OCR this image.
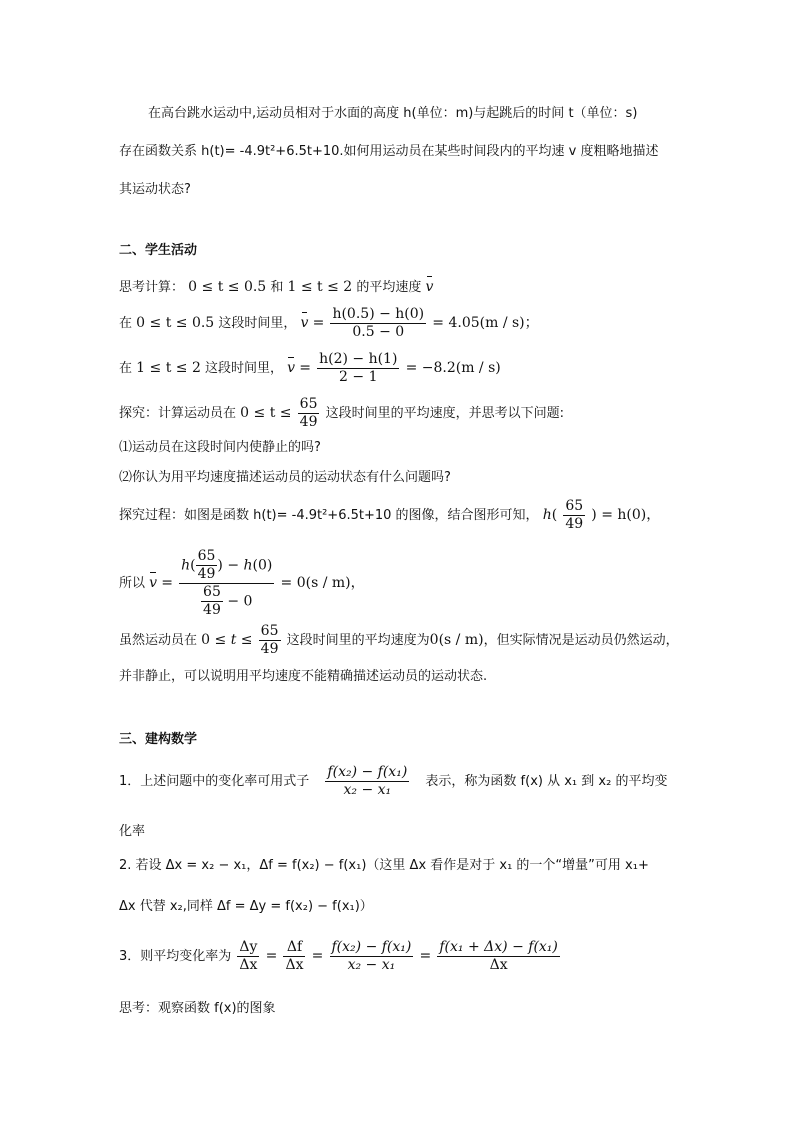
在高台跳水运动中,运动员相对于水面的高度 h(单位：m)与起跳后的时间 t（单位：s)
存在函数关系 h(t)= -4.9t²+6.5t+10.如何用运动员在某些时间段内的平均速 v 度粗略地描述
其运动状态?
二、学生活动
思考计算： 0 ≤ t ≤ 0.5 和 1 ≤ t ≤ 2 的平均速度 v
在 0 ≤ t ≤ 0.5 这段时间里， $v = \frac{h(0.5) - h(0)}{0.5 - 0} = 4.05(m / s)$；
在 1 ≤ t ≤ 2 这段时间里， $v = \frac{h(2) - h(1)}{2 - 1} = -8.2(m / s)$
探究：计算运动员在 $0 \le t \le \frac{65}{49}$ 这段时间里的平均速度，并思考以下问题:
⑴运动员在这段时间内使静止的吗?
⑵你认为用平均速度描述运动员的运动状态有什么问题吗?
探究过程：如图是函数 h(t)= -4.9t²+6.5t+10 的图像，结合图形可知， $h( \frac{65}{49}$ ) = h(0)，
所以 $v = \frac{h( \frac{65}{49} ) - h(0)}{\frac{65}{49} - 0} = 0(s / m)$，
虽然运动员在 $0 \le t \le \frac{65}{49}$ 这段时间里的平均速度为0(s / m)，但实际情况是运动员仍然运动，
并非静止，可以说明用平均速度不能精确描述运动员的运动状态.
三、建构数学
1．上述问题中的变化率可用式子 $\frac{\text{f(x₂) − f(x₁)}}{\text{x₂ − x₁}}$ 表示，称为函数 f(x) 从 x₁ 到 x₂ 的平均变
化率
2. 若设 Δx = x₂ − x₁，Δf = f(x₂) − f(x₁)（这里 Δx 看作是对于 x₁ 的一个“增量”可用 x₁+
Δx 代替 x₂,同样 Δf = Δy = f(x₂) − f(x₁)）
3．则平均变化率为 $\frac{\Delta y}{\Delta x} = \frac{\Delta f}{\Delta x} = \frac{\text{f(x₂) − f(x₁)}}{\text{x₂ − x₁}} = \frac{\text{f(x₁ + Δx) − f(x₁)}}{\Delta x}$
思考：观察函数 f(x)的图象
